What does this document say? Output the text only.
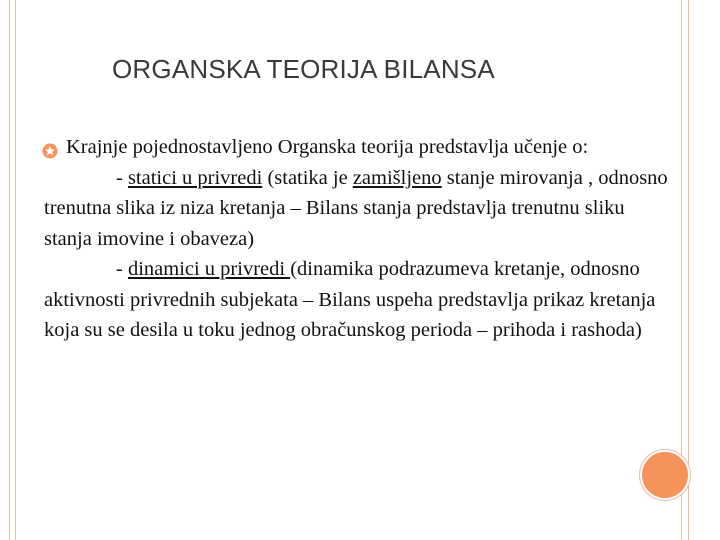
ORGANSKA TEORIJA BILANSA

Krajnje pojednostavljeno Organska teorija predstavlja učenje o:

- statici u privredi (statika je zamišljeno stanje mirovanja , odnosno trenutna slika iz niza kretanja – Bilans stanja predstavlja trenutnu sliku stanja imovine i obaveza)

- dinamici u privredi (dinamika podrazumeva kretanje, odnosno aktivnosti privrednih subjekata – Bilans uspeha predstavlja prikaz kretanja koja su se desila u toku jednog obračunskog perioda – prihoda i rashoda)
